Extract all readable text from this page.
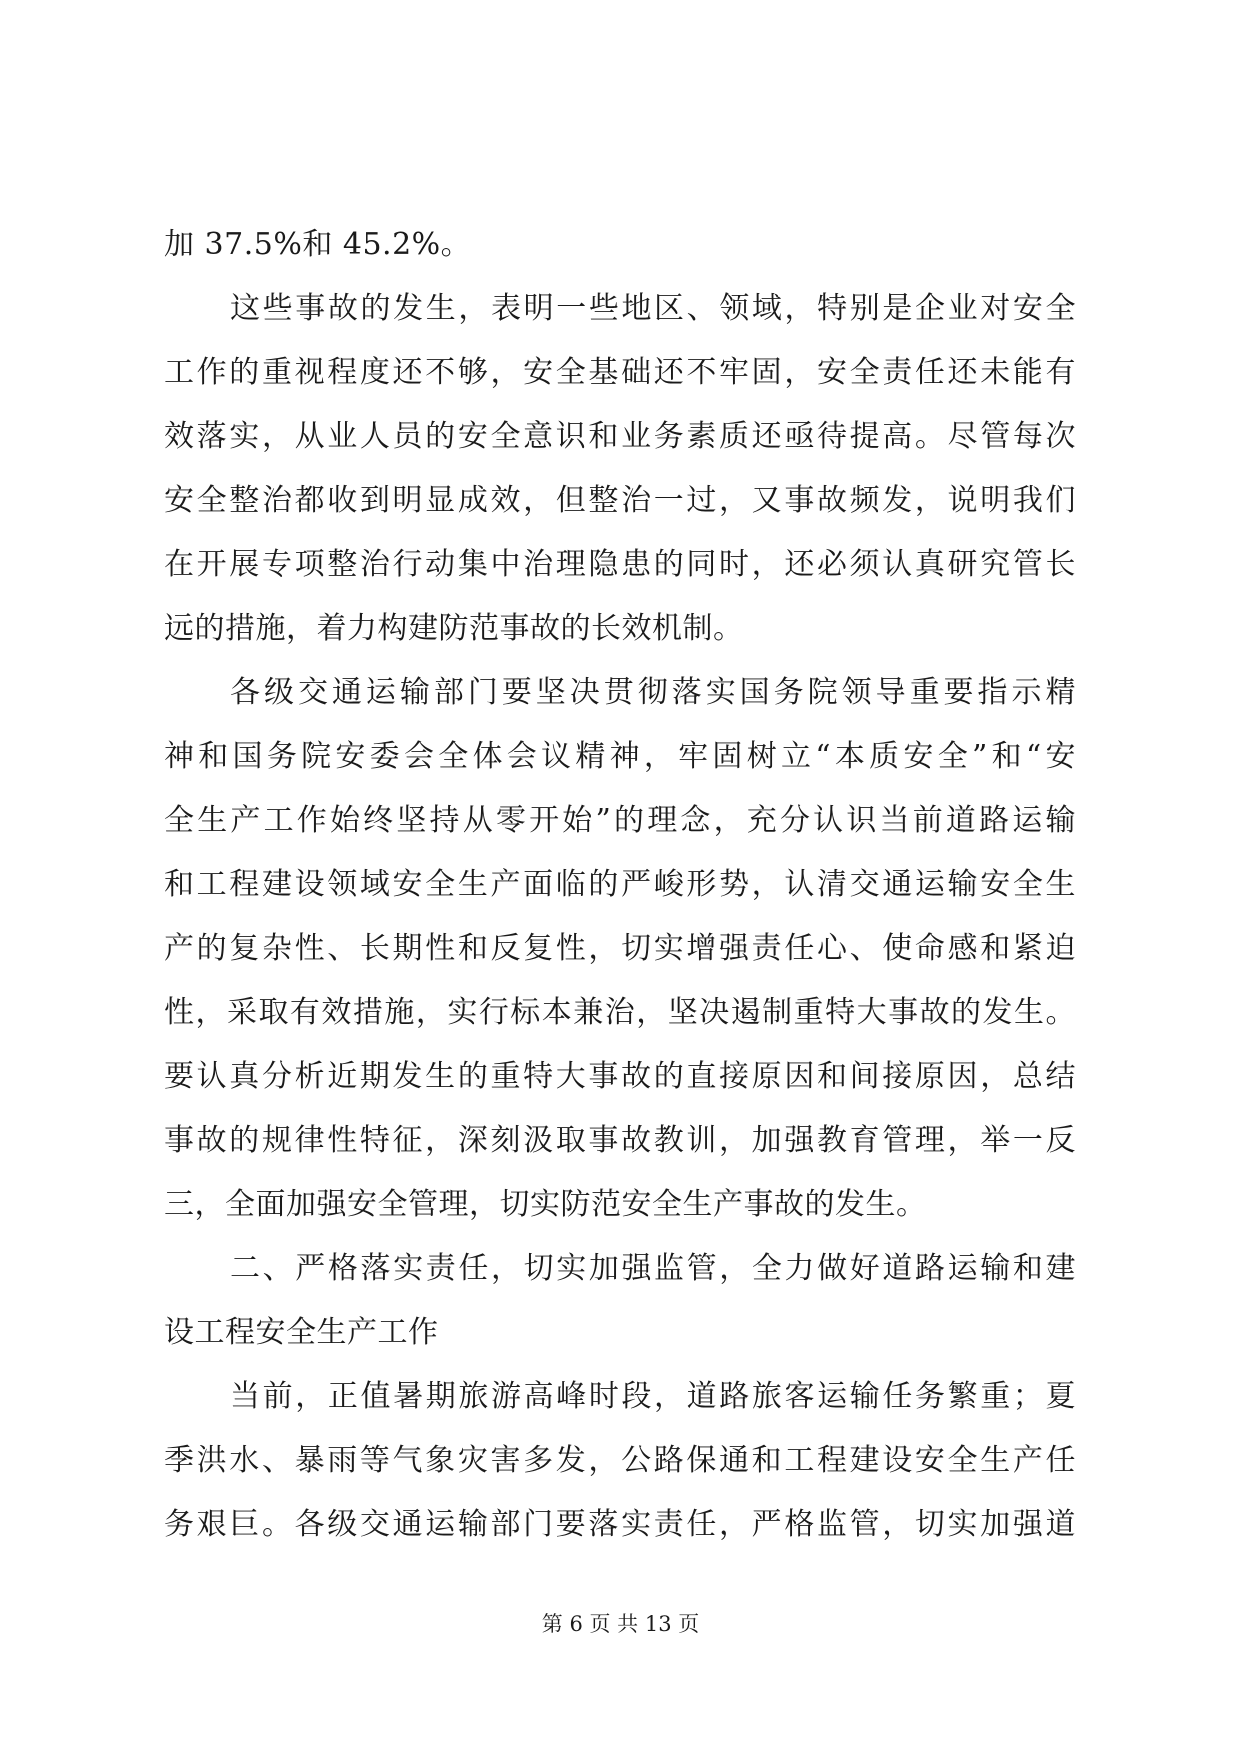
加 37.5%和 45.2%。
这些事故的发生，表明一些地区、领域，特别是企业对安全
工作的重视程度还不够，安全基础还不牢固，安全责任还未能有
效落实，从业人员的安全意识和业务素质还亟待提高。尽管每次
安全整治都收到明显成效，但整治一过，又事故频发，说明我们
在开展专项整治行动集中治理隐患的同时，还必须认真研究管长
远的措施，着力构建防范事故的长效机制。
各级交通运输部门要坚决贯彻落实国务院领导重要指示精
神和国务院安委会全体会议精神，牢固树立“本质安全”和“安
全生产工作始终坚持从零开始”的理念，充分认识当前道路运输
和工程建设领域安全生产面临的严峻形势，认清交通运输安全生
产的复杂性、长期性和反复性，切实增强责任心、使命感和紧迫
性，采取有效措施，实行标本兼治，坚决遏制重特大事故的发生。
要认真分析近期发生的重特大事故的直接原因和间接原因，总结
事故的规律性特征，深刻汲取事故教训，加强教育管理，举一反
三，全面加强安全管理，切实防范安全生产事故的发生。
二、严格落实责任，切实加强监管，全力做好道路运输和建
设工程安全生产工作
当前，正值暑期旅游高峰时段，道路旅客运输任务繁重；夏
季洪水、暴雨等气象灾害多发，公路保通和工程建设安全生产任
务艰巨。各级交通运输部门要落实责任，严格监管，切实加强道
第 6 页 共 13 页
